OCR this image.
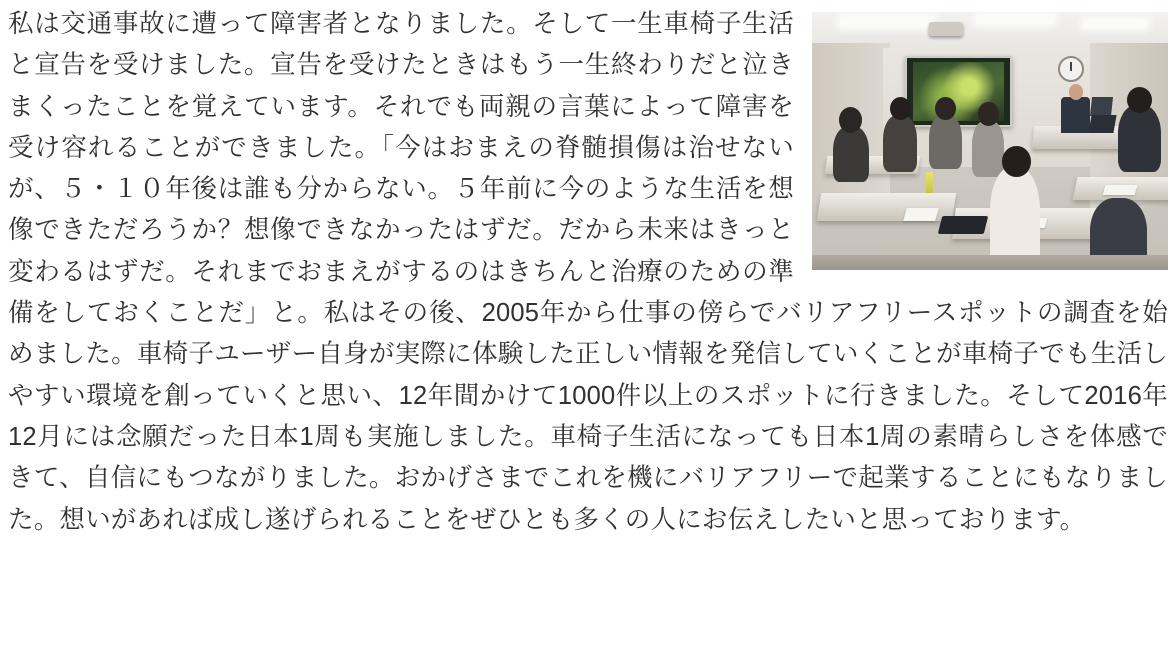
私は交通事故に遭って障害者となりました。そして一生車椅子生活と宣告を受けました。宣告を受けたときはもう一生終わりだと泣きまくったことを覚えています。それでも両親の言葉によって障害を受け容れることができました。「今はおまえの脊髄損傷は治せないが、５・１０年後は誰も分からない。５年前に今のような生活を想像できただろうか？想像できなかったはずだ。だから未来はきっと変わるはずだ。それまでおまえがするのはきちんと治療のための準備をしておくことだ」と。私はその後、2005年から仕事の傍らでバリアフリースポットの調査を始めました。車椅子ユーザー自身が実際に体験した正しい情報を発信していくことが車椅子でも生活しやすい環境を創っていくと思い、12年間かけて1000件以上のスポットに行きました。そして2016年12月には念願だった日本1周も実施しました。車椅子生活になっても日本1周の素晴らしさを体感できて、自信にもつながりました。おかげさまでこれを機にバリアフリーで起業することにもなりました。想いがあれば成し遂げられることをぜひとも多くの人にお伝えしたいと思っております。
